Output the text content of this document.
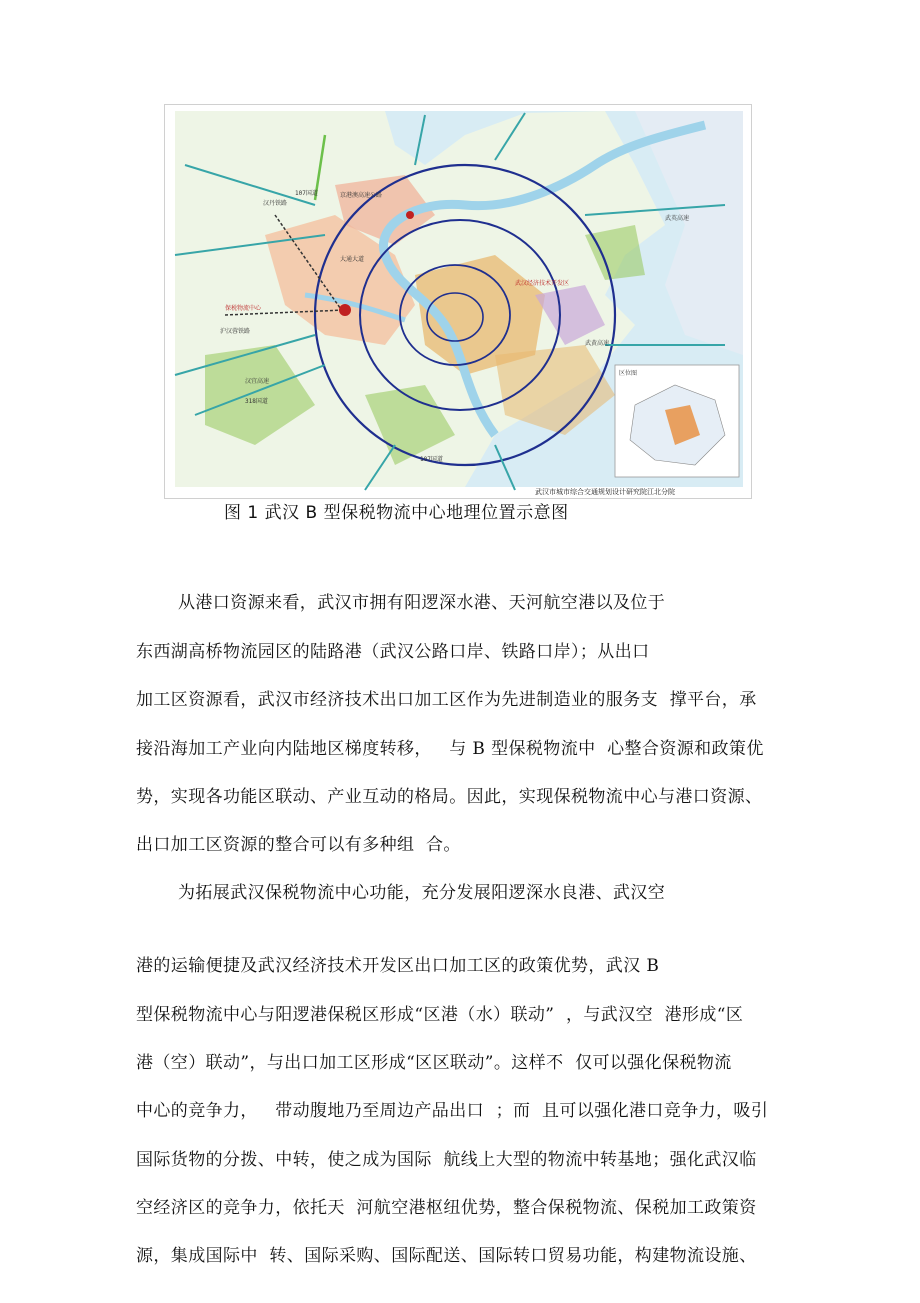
107国道	京港澳高速公路
汉丹铁路
大通大道
保税物流中心
沪汉蓉铁路
汉宜高速
318国道
107国道
武英高速
武黄高速
武汉经济技术开发区
区位图
武汉市城市综合交通规划设计研究院江北分院
图 1 武汉 B 型保税物流中心地理位置示意图
从港口资源来看，武汉市拥有阳逻深水港、天河航空港以及位于
东西湖高桥物流园区的陆路港（武汉公路口岸、铁路口岸）；从出口
加工区资源看，武汉市经济技术出口加工区作为先进制造业的服务支  撑平台，承
接沿海加工产业向内陆地区梯度转移，   与 B 型保税物流中  心整合资源和政策优
势，实现各功能区联动、产业互动的格局。因此，实现保税物流中心与港口资源、
出口加工区资源的整合可以有多种组  合。
为拓展武汉保税物流中心功能，充分发展阳逻深水良港、武汉空
港的运输便捷及武汉经济技术开发区出口加工区的政策优势，武汉 B
型保税物流中心与阳逻港保税区形成“区港（水）联动”  ，与武汉空  港形成“区
港（空）联动”，与出口加工区形成“区区联动”。这样不  仅可以强化保税物流
中心的竞争力，   带动腹地乃至周边产品出口  ；而  且可以强化港口竞争力，吸引
国际货物的分拨、中转，使之成为国际  航线上大型的物流中转基地；强化武汉临
空经济区的竞争力，依托天  河航空港枢纽优势，整合保税物流、保税加工政策资
源，集成国际中  转、国际采购、国际配送、国际转口贸易功能，构建物流设施、
